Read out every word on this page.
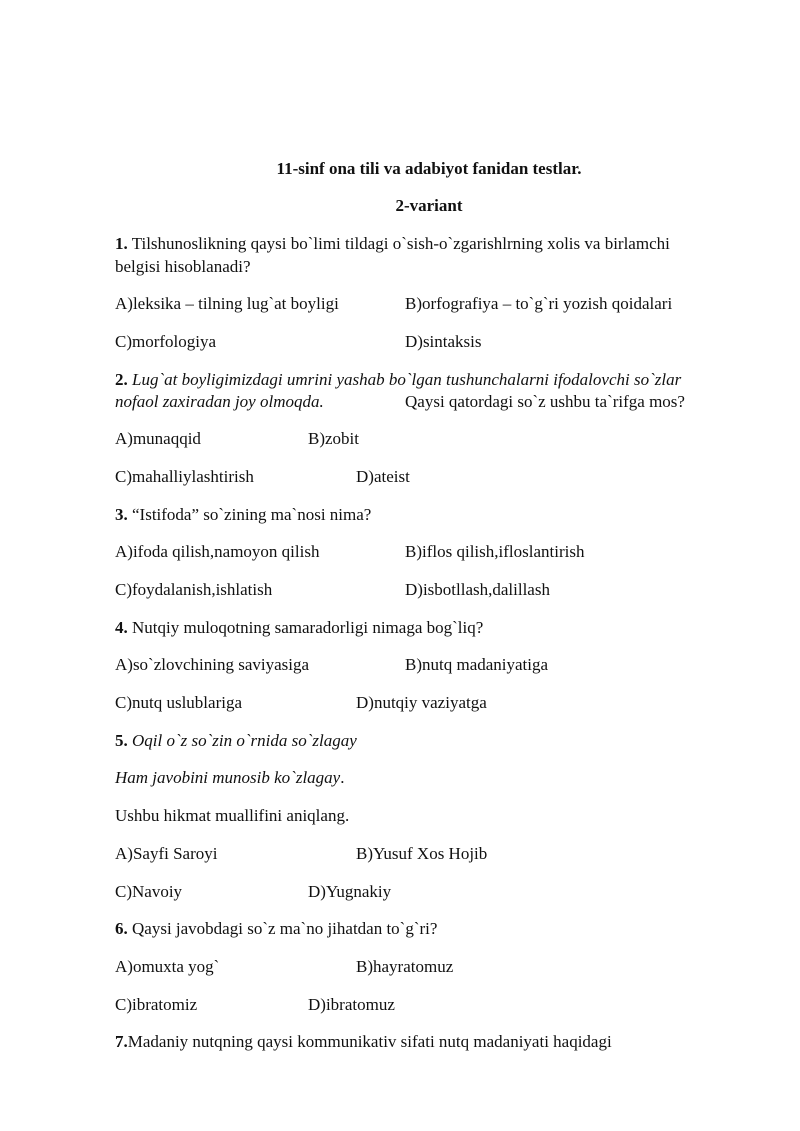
11-sinf ona tili va adabiyot fanidan testlar.
2-variant
1. Tilshunoslikning qaysi bo`limi tildagi o`sish-o`zgarishlrning xolis va birlamchi
belgisi hisoblanadi?
A)leksika – tilning lug`at boyligi	B)orfografiya – to`g`ri yozish qoidalari
C)morfologiya	D)sintaksis
2. Lug`at boyligimizdagi umrini yashab bo`lgan tushunchalarni ifodalovchi so`zlar
nofaol zaxiradan joy olmoqda.	Qaysi qatordagi so`z ushbu ta`rifga mos?
A)munaqqid	B)zobit
C)mahalliylashtirish	D)ateist
3. “Istifoda” so`zining ma`nosi nima?
A)ifoda qilish,namoyon qilish	B)iflos qilish,ifloslantirish
C)foydalanish,ishlatish	D)isbotllash,dalillash
4. Nutqiy muloqotning samaradorligi nimaga bog`liq?
A)so`zlovchining saviyasiga	B)nutq madaniyatiga
C)nutq uslublariga	D)nutqiy vaziyatga
5. Oqil o`z so`zin o`rnida so`zlagay
Ham javobini munosib ko`zlagay.
Ushbu hikmat muallifini aniqlang.
A)Sayfi Saroyi	B)Yusuf Xos Hojib
C)Navoiy	D)Yugnakiy
6. Qaysi javobdagi so`z ma`no jihatdan to`g`ri?
A)omuxta yog`	B)hayratomuz
C)ibratomiz	D)ibratomuz
7.Madaniy nutqning qaysi kommunikativ sifati nutq madaniyati haqidagi
